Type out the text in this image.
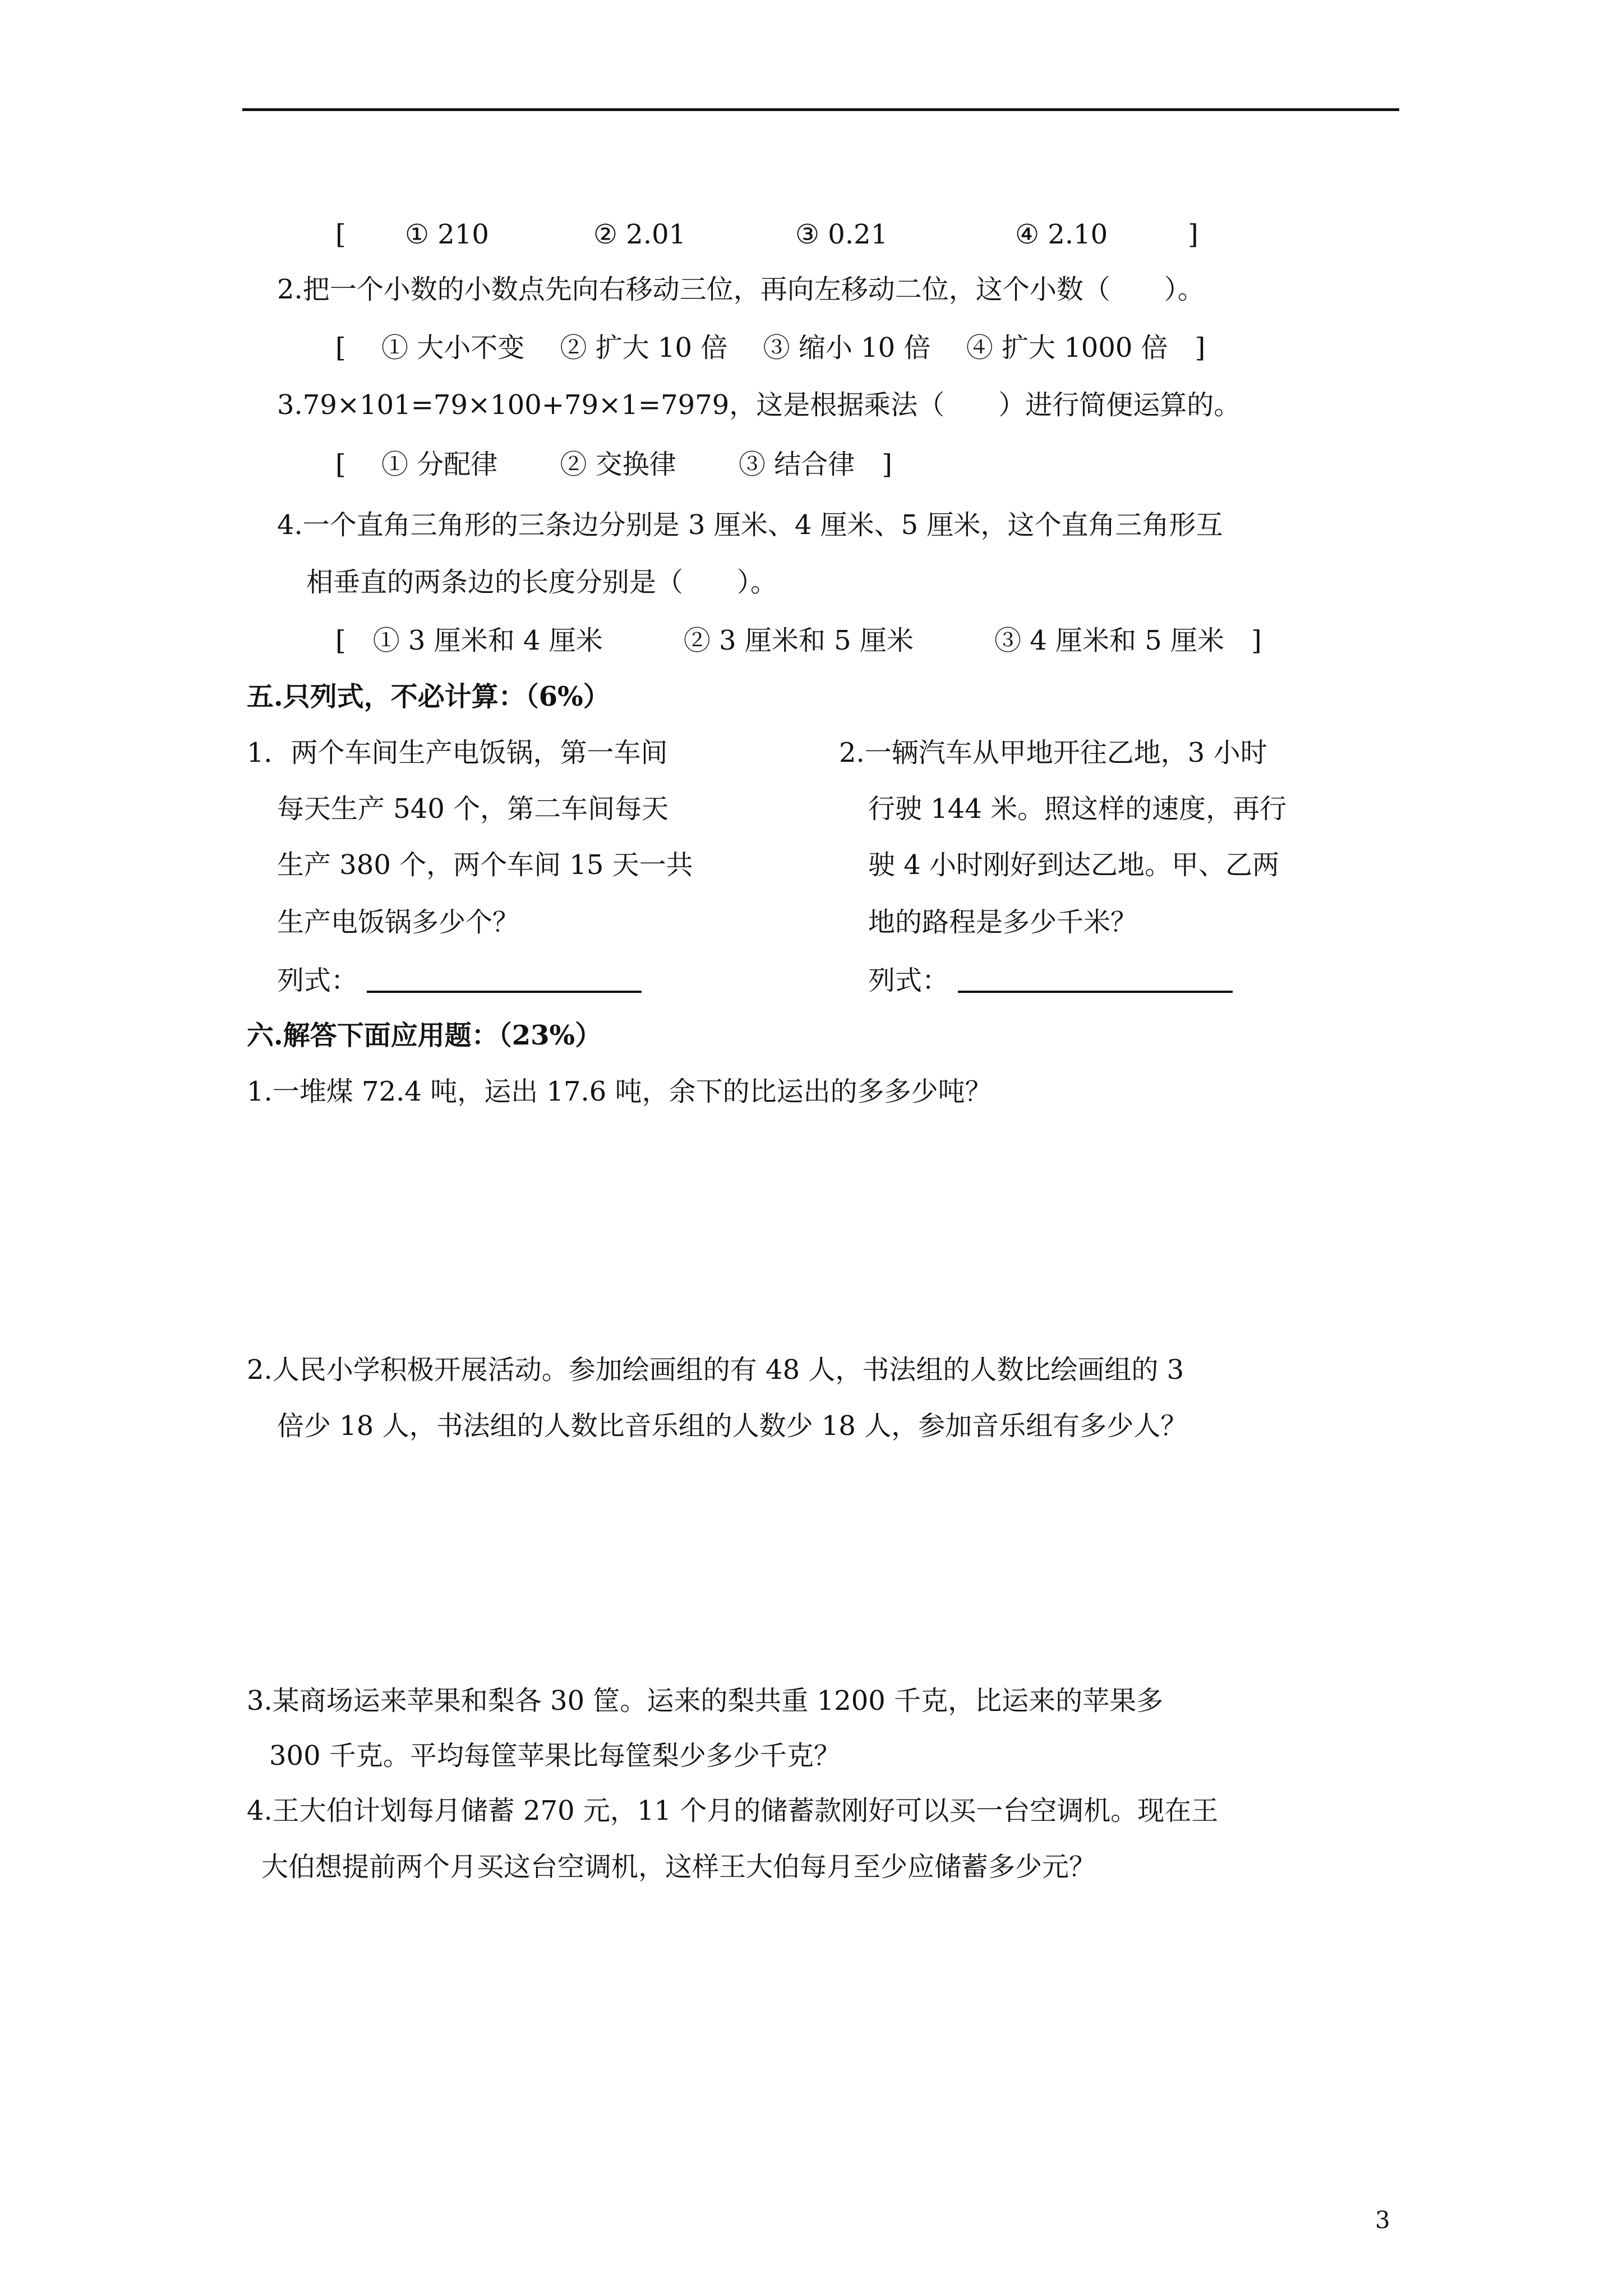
[ ① 210	② 2.01	③ 0.21	④ 2.10	]
2.把一个小数的小数点先向右移动三位，再向左移动二位，这个小数（　　）。
[　 ① 大小不变　 ② 扩大 10 倍　 ③ 缩小 10 倍　 ④ 扩大 1000 倍　]
3.79×101=79×100+79×1=7979，这是根据乘法（　　）进行简便运算的。
[　 ① 分配律　　 ② 交换律　　 ③ 结合律　]
4.一个直角三角形的三条边分别是 3 厘米、4 厘米、5 厘米，这个直角三角形互
相垂直的两条边的长度分别是（　　）。
[　① 3 厘米和 4 厘米　　　② 3 厘米和 5 厘米　　　③ 4 厘米和 5 厘米　]
五.只列式，不必计算：（6%）
1．两个车间生产电饭锅，第一车间
每天生产 540 个，第二车间每天
生产 380 个，两个车间 15 天一共
生产电饭锅多少个？
列式：
2.一辆汽车从甲地开往乙地，3 小时
行驶 144 米。照这样的速度，再行
驶 4 小时刚好到达乙地。甲、乙两
地的路程是多少千米？
列式：
六.解答下面应用题：（23%）
1.一堆煤 72.4 吨，运出 17.6 吨，余下的比运出的多多少吨？
2.人民小学积极开展活动。参加绘画组的有 48 人，书法组的人数比绘画组的 3
倍少 18 人，书法组的人数比音乐组的人数少 18 人，参加音乐组有多少人？
3.某商场运来苹果和梨各 30 筐。运来的梨共重 1200 千克，比运来的苹果多
300 千克。平均每筐苹果比每筐梨少多少千克？
4.王大伯计划每月储蓄 270 元，11 个月的储蓄款刚好可以买一台空调机。现在王
大伯想提前两个月买这台空调机，这样王大伯每月至少应储蓄多少元？
3
